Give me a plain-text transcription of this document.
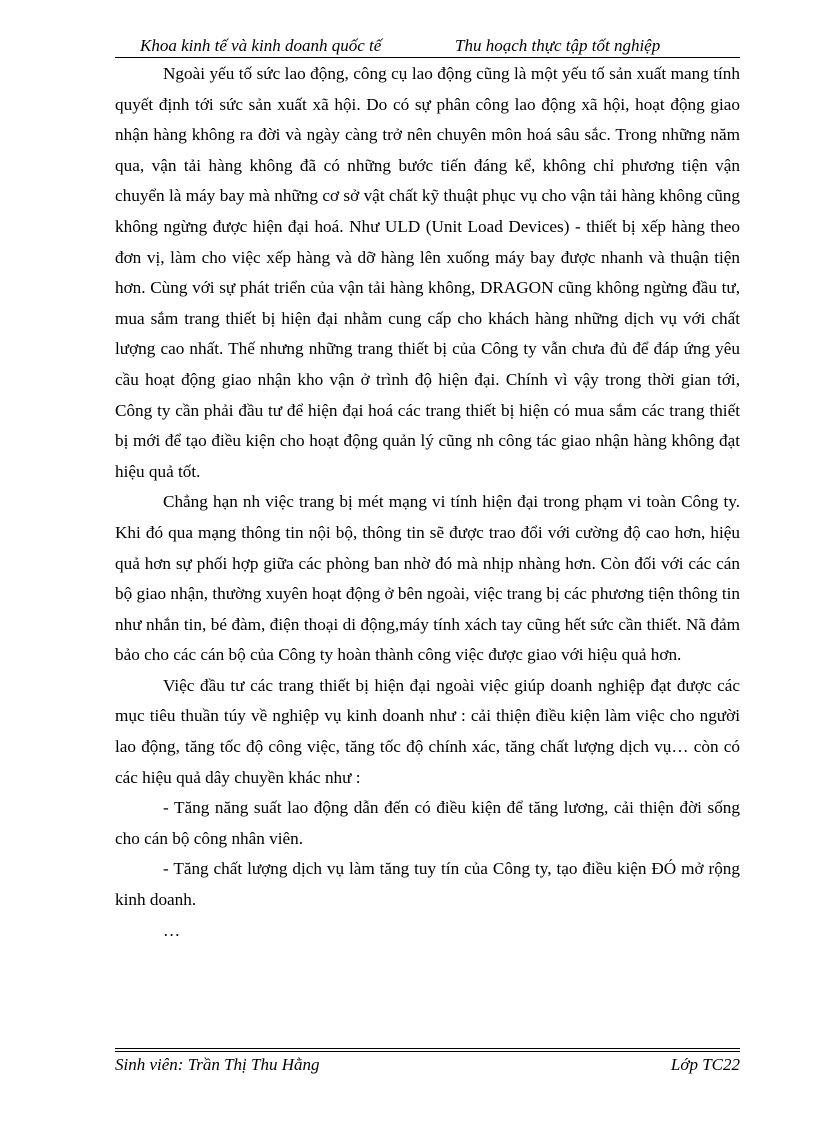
Khoa kinh tế và kinh doanh quốc tế	Thu hoạch thực tập tốt nghiệp

Ngoài yếu tố sức lao động, công cụ lao động cũng là một yếu tố sản xuất mang tính quyết định tới sức sản xuất xã hội. Do có sự phân công lao động xã hội, hoạt động giao nhận hàng không ra đời và ngày càng trở nên chuyên môn hoá sâu sắc. Trong những năm qua, vận tải hàng không đã có những bước tiến đáng kể, không chỉ phương tiện vận chuyển là máy bay mà những cơ sở vật chất kỹ thuật phục vụ cho vận tải hàng không cũng không ngừng được hiện đại hoá. Như ULD (Unit Load Devices) - thiết bị xếp hàng theo đơn vị, làm cho việc xếp hàng và dỡ hàng lên xuống máy bay được nhanh và thuận tiện hơn. Cùng với sự phát triển của vận tải hàng không, DRAGON cũng không ngừng đầu tư, mua sắm trang thiết bị hiện đại nhằm cung cấp cho khách hàng những dịch vụ với chất lượng cao nhất. Thế nhưng những trang thiết bị của Công ty vẫn chưa đủ để đáp ứng yêu cầu hoạt động giao nhận kho vận ở trình độ hiện đại. Chính vì vậy trong thời gian tới, Công ty cần phải đầu tư để hiện đại hoá các trang thiết bị hiện có mua sắm các trang thiết bị mới để tạo điều kiện cho hoạt động quản lý cũng nh công tác giao nhận hàng không đạt hiệu quả tốt.

Chẳng hạn nh việc trang bị mét mạng vi tính hiện đại trong phạm vi toàn Công ty. Khi đó qua mạng thông tin nội bộ, thông tin sẽ được trao đổi với cường độ cao hơn, hiệu quả hơn sự phối hợp giữa các phòng ban nhờ đó mà nhịp nhàng hơn. Còn đối với các cán bộ giao nhận, thường xuyên hoạt động ở bên ngoài, việc trang bị các phương tiện thông tin như nhắn tin, bé đàm, điện thoại di động,máy tính xách tay cũng hết sức cần thiết. Nã đảm bảo cho các cán bộ của Công ty hoàn thành công việc được giao với hiệu quả hơn.

Việc đầu tư các trang thiết bị hiện đại ngoài việc giúp doanh nghiệp đạt được các mục tiêu thuần túy về nghiệp vụ kinh doanh như : cải thiện điều kiện làm việc cho người lao động, tăng tốc độ công việc, tăng tốc độ chính xác, tăng chất lượng dịch vụ… còn có các hiệu quả dây chuyền khác như :

- Tăng năng suất lao động dẫn đến có điều kiện để tăng lương, cải thiện đời sống cho cán bộ công nhân viên.

- Tăng chất lượng dịch vụ làm tăng tuy tín của Công ty, tạo điều kiện ĐÓ mở rộng kinh doanh.

…

Sinh viên: Trần Thị Thu Hằng	Lớp TC22
